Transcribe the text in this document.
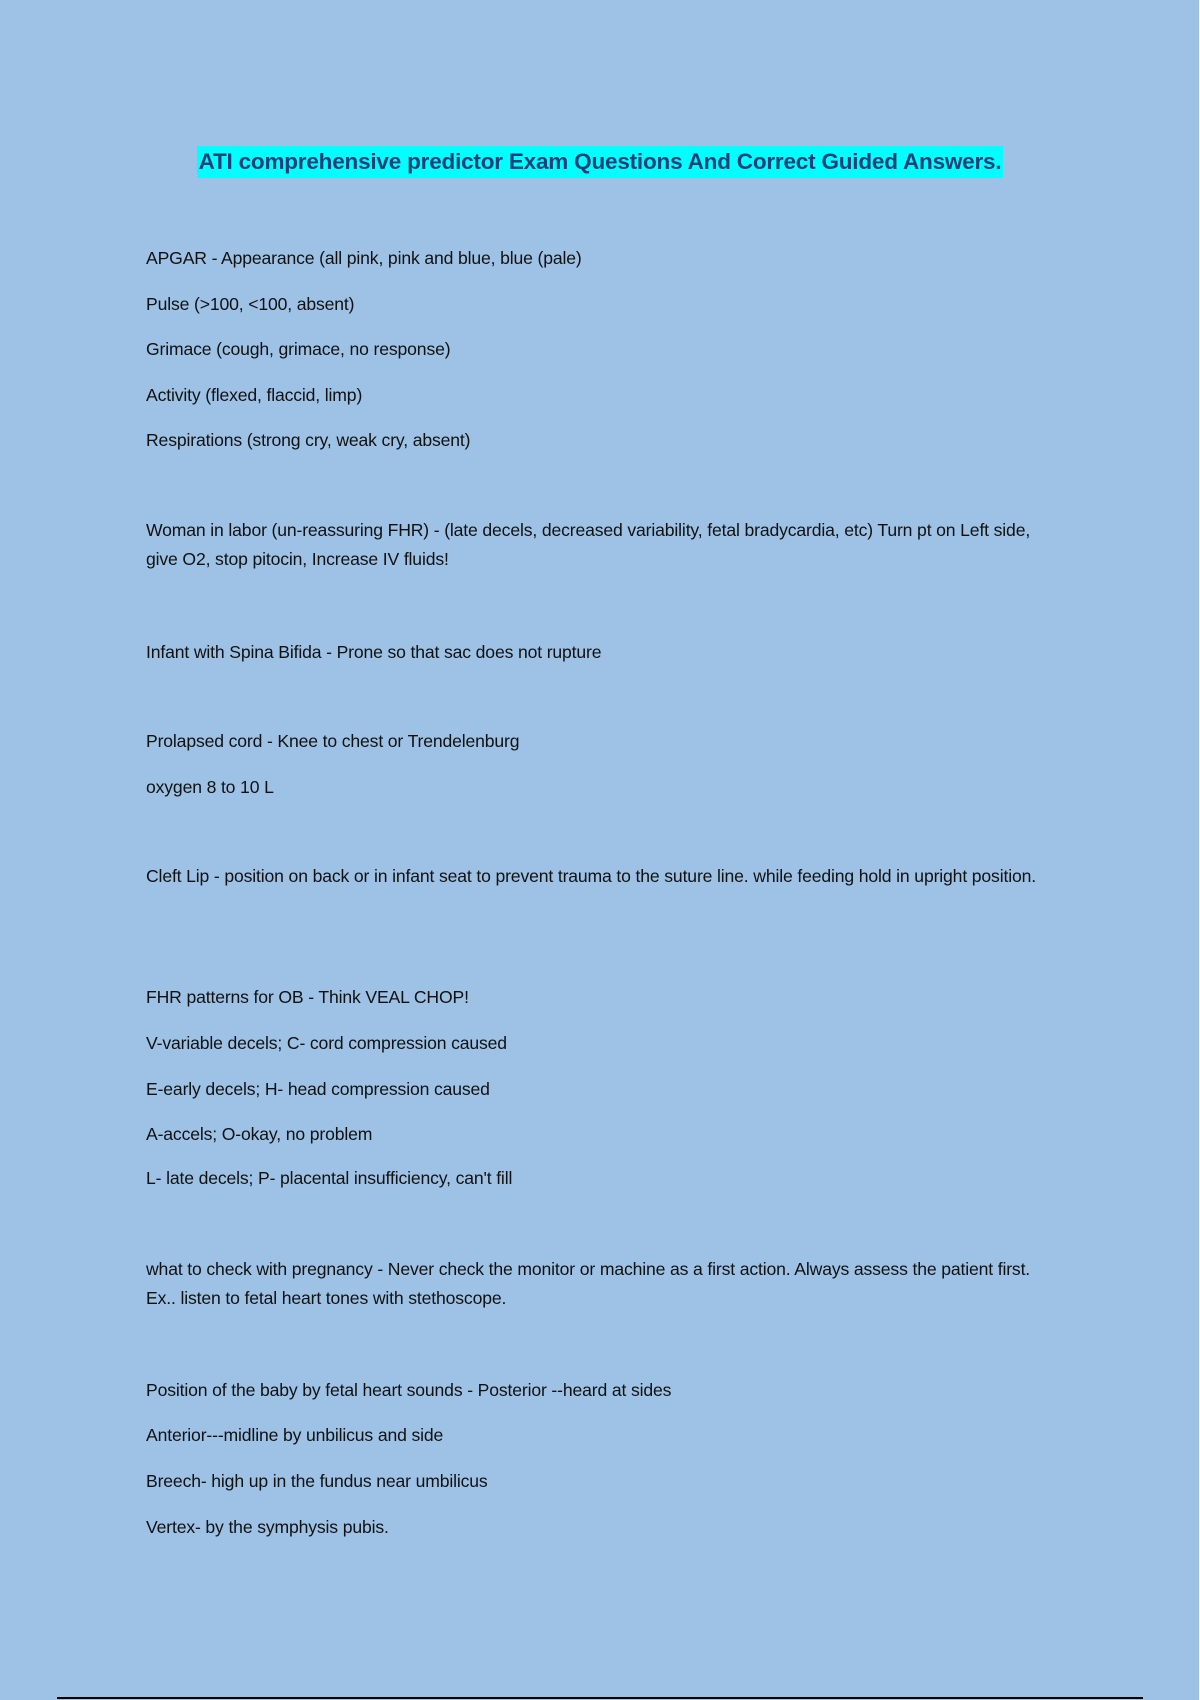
ATI comprehensive predictor Exam Questions And Correct Guided Answers.
APGAR - Appearance (all pink, pink and blue, blue (pale)
Pulse (>100, <100, absent)
Grimace (cough, grimace, no response)
Activity (flexed, flaccid, limp)
Respirations (strong cry, weak cry, absent)
Woman in labor (un-reassuring FHR) - (late decels, decreased variability, fetal bradycardia, etc) Turn pt on Left side, give O2, stop pitocin, Increase IV fluids!
Infant with Spina Bifida - Prone so that sac does not rupture
Prolapsed cord - Knee to chest or Trendelenburg
oxygen 8 to 10 L
Cleft Lip - position on back or in infant seat to prevent trauma to the suture line. while feeding hold in upright position.
FHR patterns for OB - Think VEAL CHOP!
V-variable decels; C- cord compression caused
E-early decels; H- head compression caused
A-accels; O-okay, no problem
L- late decels; P- placental insufficiency, can't fill
what to check with pregnancy - Never check the monitor or machine as a first action. Always assess the patient first. Ex.. listen to fetal heart tones with stethoscope.
Position of the baby by fetal heart sounds - Posterior --heard at sides
Anterior---midline by unbilicus and side
Breech- high up in the fundus near umbilicus
Vertex- by the symphysis pubis.
